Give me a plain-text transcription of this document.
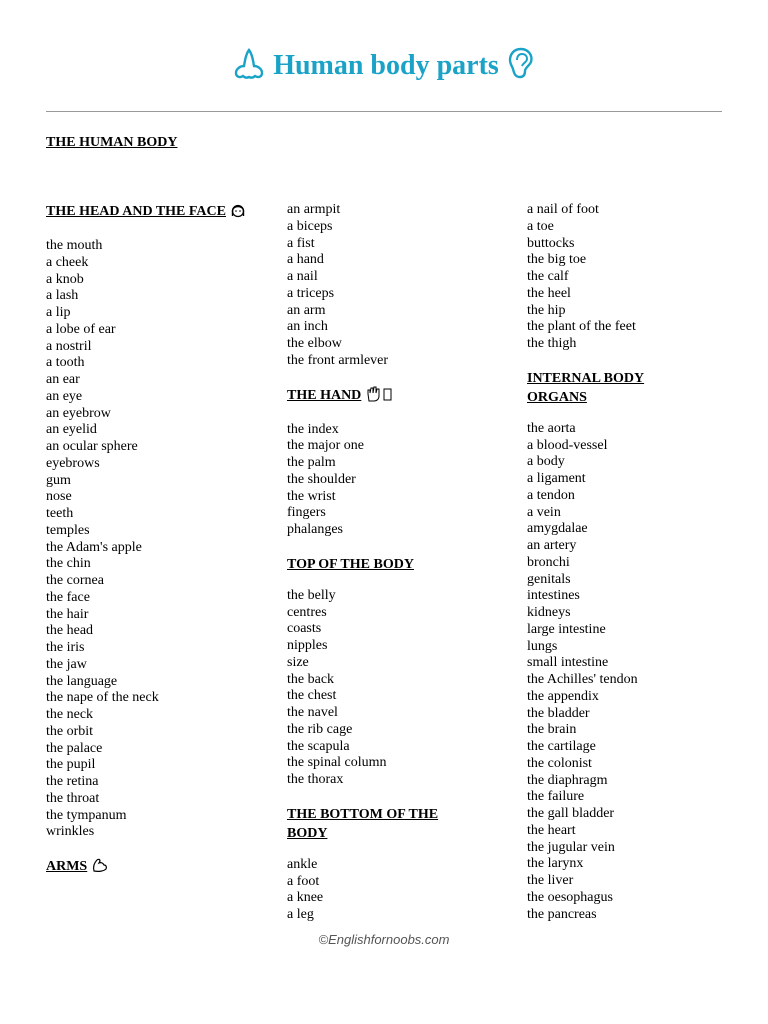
Human body parts
THE HUMAN BODY

THE HEAD AND THE FACE

the mouth

a cheek

a knob

a lash

a lip

a lobe of ear

a nostril

a tooth

an ear

an eye

an eyebrow

an eyelid

an ocular sphere

eyebrows

gum

nose

teeth

temples

the Adam's apple

the chin

the cornea

the face

the hair

the head

the iris

the jaw

the language

the nape of the neck

the neck

the orbit

the palace

the pupil

the retina

the throat

the tympanum

wrinkles

ARMS

an armpit

a biceps

a fist

a hand

a nail

a triceps

an arm

an inch

the elbow

the front armlever

THE HAND

the index

the major one

the palm

the shoulder

the wrist

fingers

phalanges

TOP OF THE BODY

the belly

centres

coasts

nipples

size

the back

the chest

the navel

the rib cage

the scapula

the spinal column

the thorax

THE BOTTOM OF THE BODY

ankle

a foot

a knee

a leg

a nail of foot

a toe

buttocks

the big toe

the calf

the heel

the hip

the plant of the feet

the thigh

INTERNAL BODY ORGANS

the aorta

a blood-vessel

a body

a ligament

a tendon

a vein

amygdalae

an artery

bronchi

genitals

intestines

kidneys

large intestine

lungs

small intestine

the Achilles' tendon

the appendix

the bladder

the brain

the cartilage

the colonist

the diaphragm

the failure

the gall bladder

the heart

the jugular vein

the larynx

the liver

the oesophagus

the pancreas

©Englishfornoobs.com
